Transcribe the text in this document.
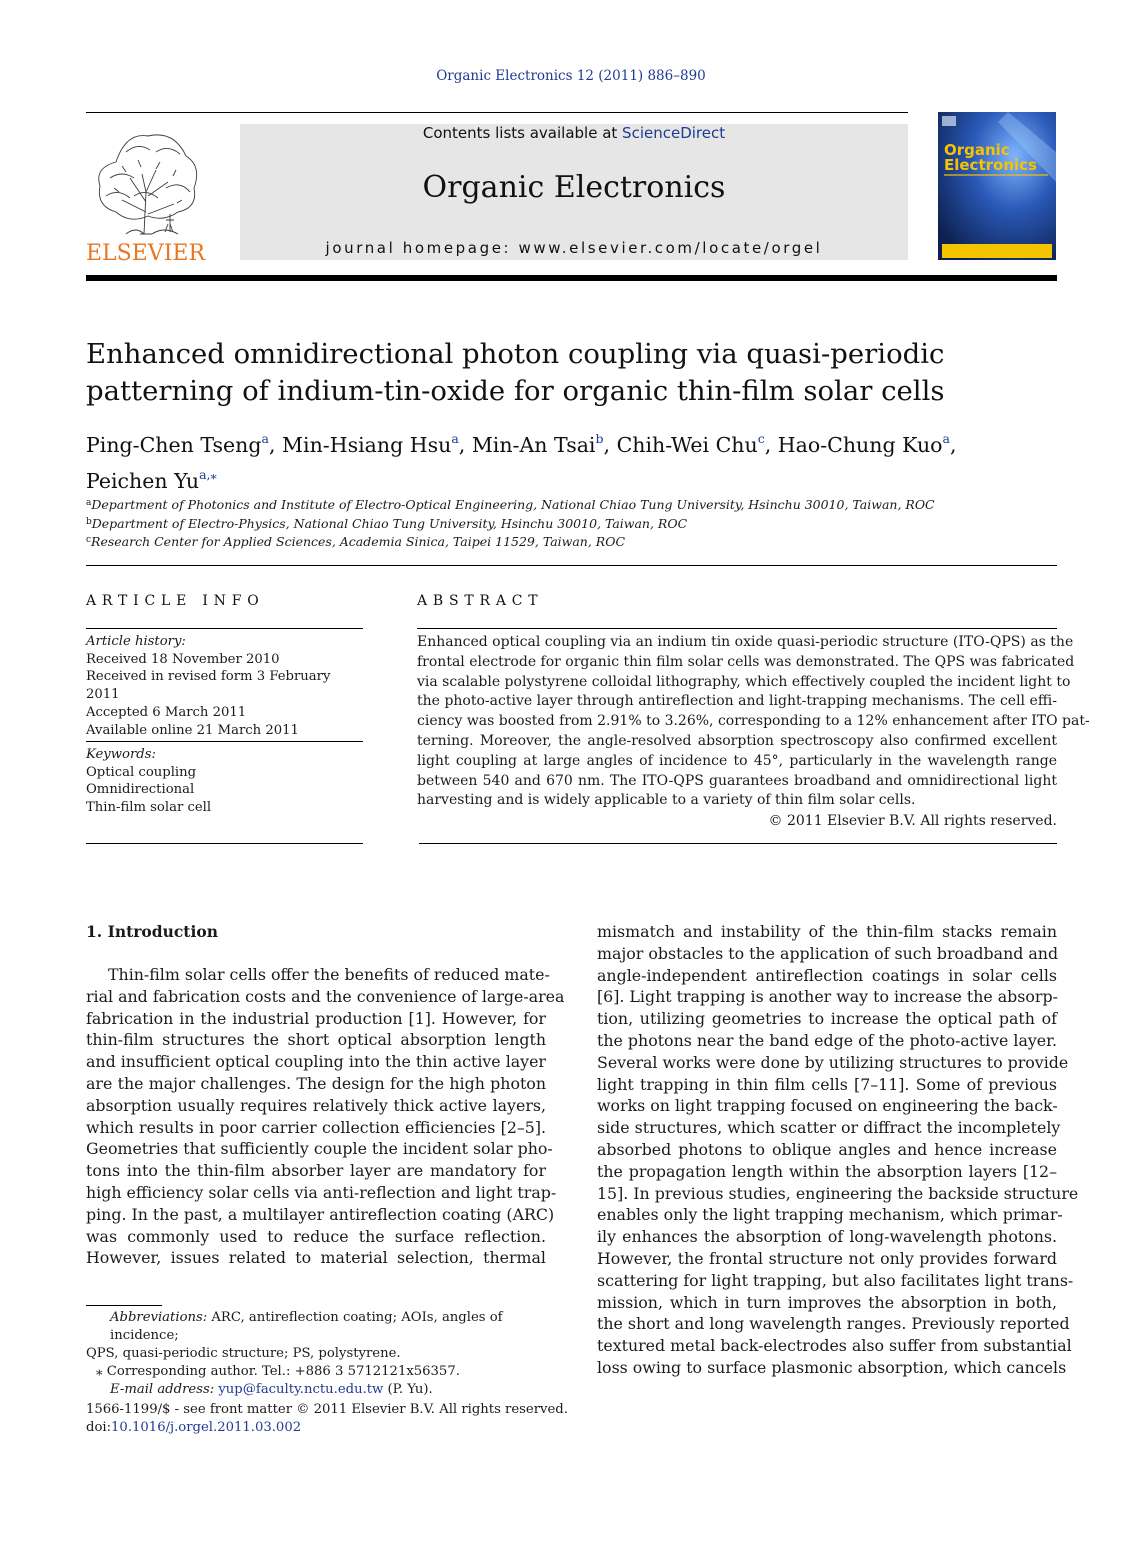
Organic Electronics 12 (2011) 886–890
ELSEVIER
Contents lists available at ScienceDirect
Organic Electronics
journal homepage: www.elsevier.com/locate/orgel
Organic
Electronics
Enhanced omnidirectional photon coupling via quasi-periodic patterning of indium-tin-oxide for organic thin-film solar cells
Ping-Chen Tseng$^a$, Min-Hsiang Hsu$^a$, Min-An Tsai$^b$, Chih-Wei Chu$^c$, Hao-Chung Kuo$^a$,
Peichen $Yu^{a,⁎}$
$^a$Department of Photonics and Institute of Electro-Optical Engineering, National Chiao Tung University, Hsinchu 30010, Taiwan, ROC
$^b$Department of Electro-Physics, National Chiao Tung University, Hsinchu 30010, Taiwan, ROC
$^c$Research Center for Applied Sciences, Academia Sinica, Taipei 11529, Taiwan, ROC
ARTICLE INFO
Article history:
Received 18 November 2010
Received in revised form 3 February 2011
Accepted 6 March 2011
Available online 21 March 2011
Keywords:
Optical coupling
Omnidirectional
Thin-film solar cell
ABSTRACT
Enhanced optical coupling via an indium tin oxide quasi-periodic structure (ITO-QPS) as the
frontal electrode for organic thin film solar cells was demonstrated. The QPS was fabricated
via scalable polystyrene colloidal lithography, which effectively coupled the incident light to
the photo-active layer through antireflection and light-trapping mechanisms. The cell effi-
ciency was boosted from 2.91% to 3.26%, corresponding to a 12% enhancement after ITO pat-
terning. Moreover, the angle-resolved absorption spectroscopy also confirmed excellent
light coupling at large angles of incidence to 45°, particularly in the wavelength range
between 540 and 670 nm. The ITO-QPS guarantees broadband and omnidirectional light
harvesting and is widely applicable to a variety of thin film solar cells.
© 2011 Elsevier B.V. All rights reserved.
1. Introduction
Thin-film solar cells offer the benefits of reduced mate-
rial and fabrication costs and the convenience of large-area
fabrication in the industrial production [1]. However, for
thin-film structures the short optical absorption length
and insufficient optical coupling into the thin active layer
are the major challenges. The design for the high photon
absorption usually requires relatively thick active layers,
which results in poor carrier collection efficiencies [2–5].
Geometries that sufficiently couple the incident solar pho-
tons into the thin-film absorber layer are mandatory for
high efficiency solar cells via anti-reflection and light trap-
ping. In the past, a multilayer antireflection coating (ARC)
was commonly used to reduce the surface reflection.
However, issues related to material selection, thermal
mismatch and instability of the thin-film stacks remain
major obstacles to the application of such broadband and
angle-independent antireflection coatings in solar cells
[6]. Light trapping is another way to increase the absorp-
tion, utilizing geometries to increase the optical path of
the photons near the band edge of the photo-active layer.
Several works were done by utilizing structures to provide
light trapping in thin film cells [7–11]. Some of previous
works on light trapping focused on engineering the back-
side structures, which scatter or diffract the incompletely
absorbed photons to oblique angles and hence increase
the propagation length within the absorption layers [12–
15]. In previous studies, engineering the backside structure
enables only the light trapping mechanism, which primar-
ily enhances the absorption of long-wavelength photons.
However, the frontal structure not only provides forward
scattering for light trapping, but also facilitates light trans-
mission, which in turn improves the absorption in both,
the short and long wavelength ranges. Previously reported
textured metal back-electrodes also suffer from substantial
loss owing to surface plasmonic absorption, which cancels
Abbreviations: ARC, antireflection coating; AOIs, angles of incidence;
QPS, quasi-periodic structure; PS, polystyrene.
⁎ Corresponding author. Tel.: +886 3 5712121x56357.
E-mail address: yup@faculty.nctu.edu.tw (P. Yu).
1566-1199/$ - see front matter © 2011 Elsevier B.V. All rights reserved.
doi:10.1016/j.orgel.2011.03.002
